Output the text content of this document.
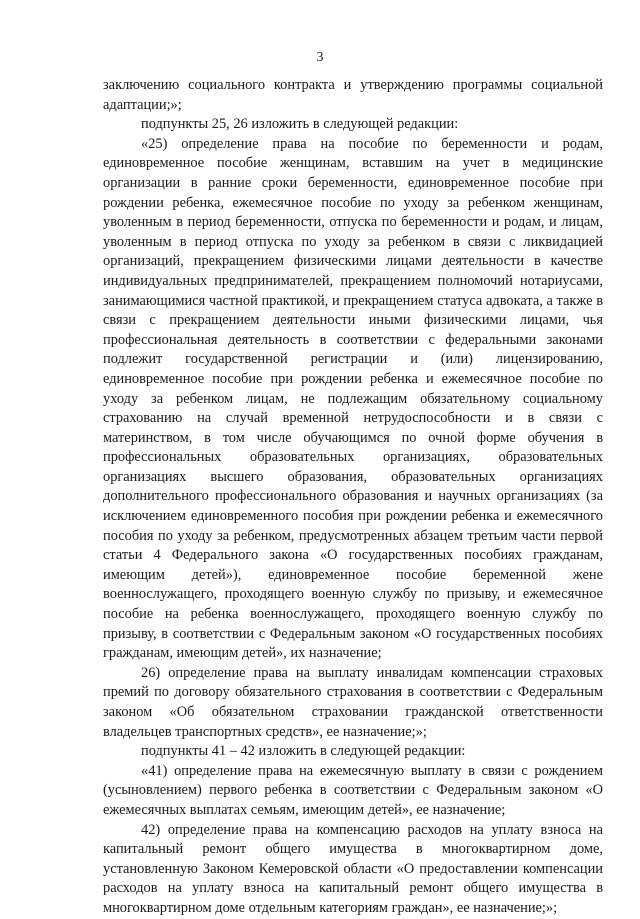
3

заключению социального контракта и утверждению программы социальной адаптации;»;

подпункты 25, 26 изложить в следующей редакции:

«25) определение права на пособие по беременности и родам, единовременное пособие женщинам, вставшим на учет в медицинские организации в ранние сроки беременности, единовременное пособие при рождении ребенка, ежемесячное пособие по уходу за ребенком женщинам, уволенным в период беременности, отпуска по беременности и родам, и лицам, уволенным в период отпуска по уходу за ребенком в связи с ликвидацией организаций, прекращением физическими лицами деятельности в качестве индивидуальных предпринимателей, прекращением полномочий нотариусами, занимающимися частной практикой, и прекращением статуса адвоката, а также в связи с прекращением деятельности иными физическими лицами, чья профессиональная деятельность в соответствии с федеральными законами подлежит государственной регистрации и (или) лицензированию, единовременное пособие при рождении ребенка и ежемесячное пособие по уходу за ребенком лицам, не подлежащим обязательному социальному страхованию на случай временной нетрудоспособности и в связи с материнством, в том числе обучающимся по очной форме обучения в профессиональных образовательных организациях, образовательных организациях высшего образования, образовательных организациях дополнительного профессионального образования и научных организациях (за исключением единовременного пособия при рождении ребенка и ежемесячного пособия по уходу за ребенком, предусмотренных абзацем третьим части первой статьи 4 Федерального закона «О государственных пособиях гражданам, имеющим детей»), единовременное пособие беременной жене военнослужащего, проходящего военную службу по призыву, и ежемесячное пособие на ребенка военнослужащего, проходящего военную службу по призыву, в соответствии с Федеральным законом «О государственных пособиях гражданам, имеющим детей», их назначение;

26) определение права на выплату инвалидам компенсации страховых премий по договору обязательного страхования в соответствии с Федеральным законом «Об обязательном страховании гражданской ответственности владельцев транспортных средств», ее назначение;»;

подпункты 41 – 42 изложить в следующей редакции:

«41) определение права на ежемесячную выплату в связи с рождением (усыновлением) первого ребенка в соответствии с Федеральным законом «О ежемесячных выплатах семьям, имеющим детей», ее назначение;

42) определение права на компенсацию расходов на уплату взноса на капитальный ремонт общего имущества в многоквартирном доме, установленную Законом Кемеровской области «О предоставлении компенсации расходов на уплату взноса на капитальный ремонт общего имущества в многоквартирном доме отдельным категориям граждан», ее назначение;»;
